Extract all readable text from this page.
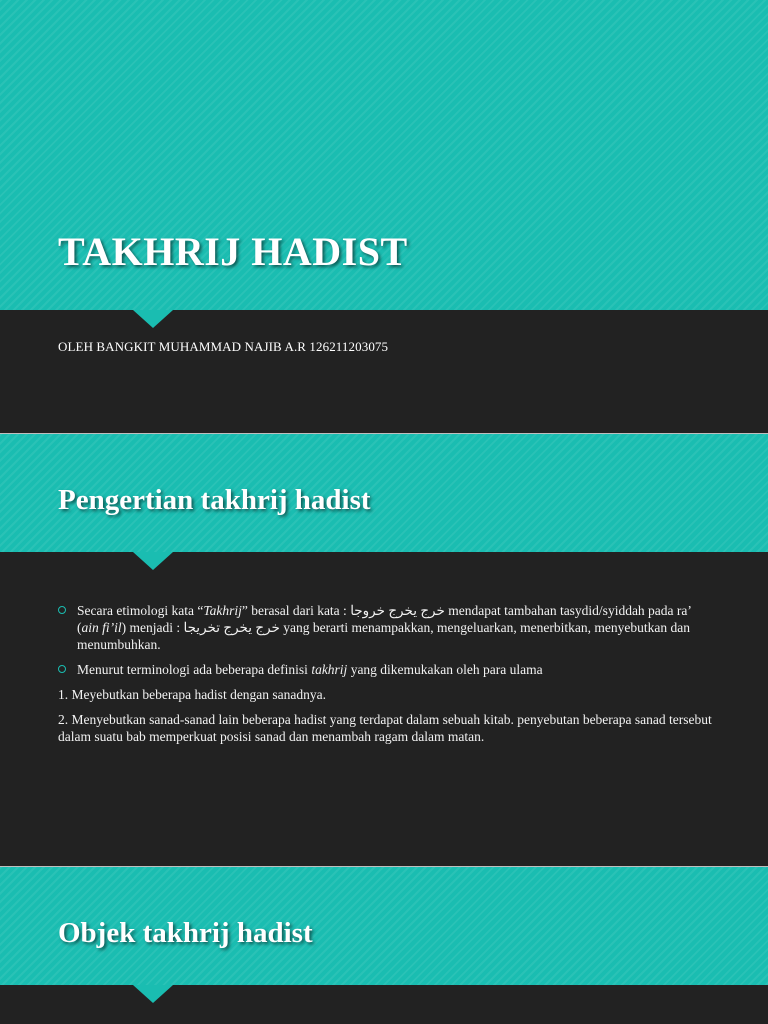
TAKHRIJ HADIST

OLEH BANGKIT MUHAMMAD NAJIB A.R 126211203075

Pengertian takhrij hadist
Secara etimologi kata “Takhrij” berasal dari kata : خرج يخرج خروجا mendapat tambahan tasydid/syiddah pada ra’ (ain fi’il) menjadi : خرج يخرج تخريجا yang berarti menampakkan, mengeluarkan, menerbitkan, menyebutkan dan menumbuhkan.
Menurut terminologi ada beberapa definisi takhrij yang dikemukakan oleh para ulama

1. Meyebutkan beberapa hadist dengan sanadnya.

2. Menyebutkan sanad-sanad lain beberapa hadist yang terdapat dalam sebuah kitab. penyebutan beberapa sanad tersebut dalam suatu bab memperkuat posisi sanad dan menambah ragam dalam matan.

Objek takhrij hadist
